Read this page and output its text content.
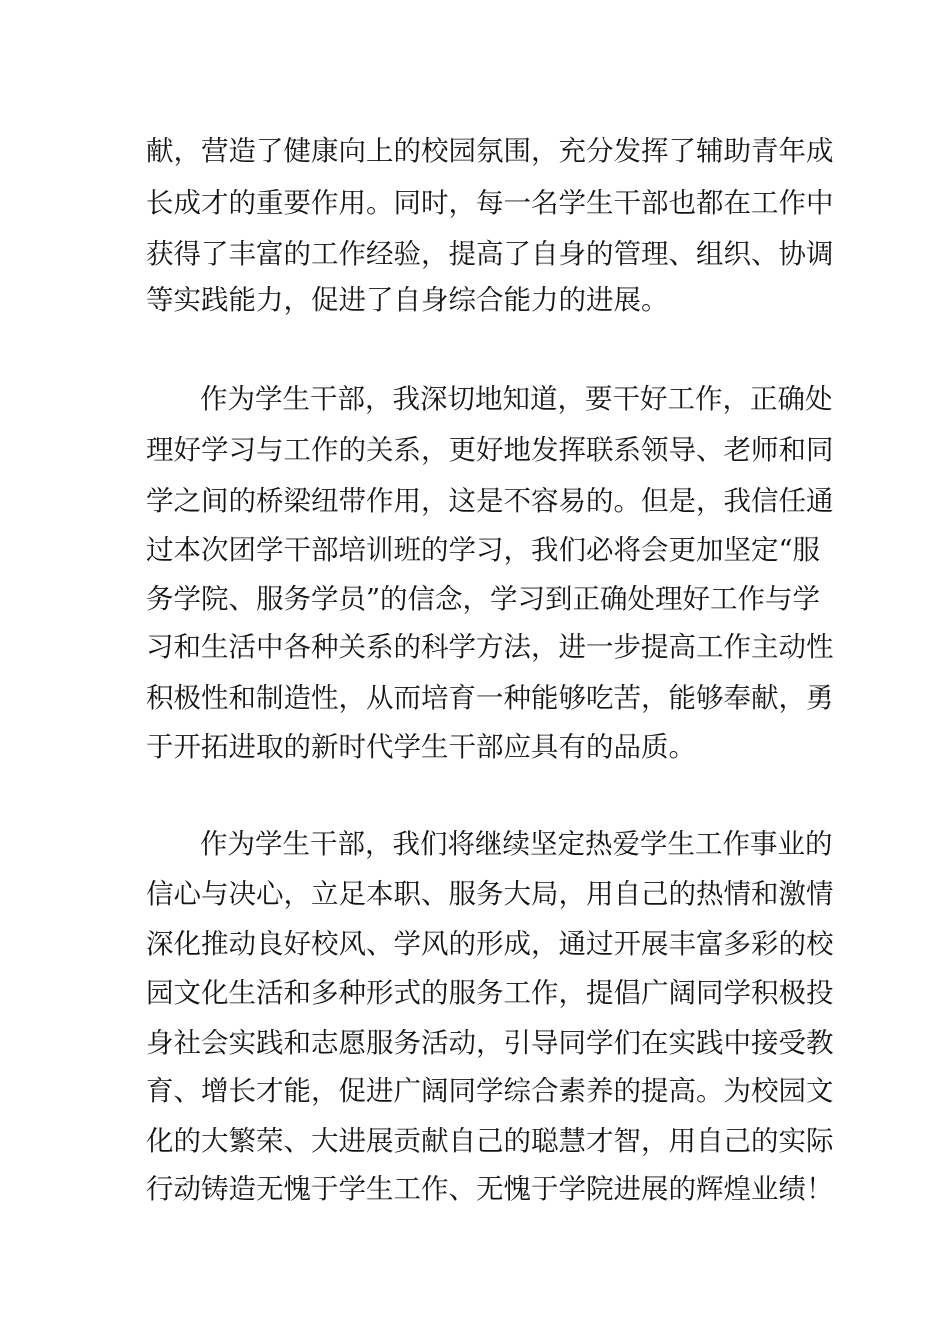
献，营造了健康向上的校园氛围，充分发挥了辅助青年成
长成才的重要作用。同时，每一名学生干部也都在工作中
获得了丰富的工作经验，提高了自身的管理、组织、协调
等实践能力，促进了自身综合能力的进展。
作为学生干部，我深切地知道，要干好工作，正确处
理好学习与工作的关系，更好地发挥联系领导、老师和同
学之间的桥梁纽带作用，这是不容易的。但是，我信任通
过本次团学干部培训班的学习，我们必将会更加坚定“服
务学院、服务学员”的信念，学习到正确处理好工作与学
习和生活中各种关系的科学方法，进一步提高工作主动性
积极性和制造性，从而培育一种能够吃苦，能够奉献，勇
于开拓进取的新时代学生干部应具有的品质。
作为学生干部，我们将继续坚定热爱学生工作事业的
信心与决心，立足本职、服务大局，用自己的热情和激情
深化推动良好校风、学风的形成，通过开展丰富多彩的校
园文化生活和多种形式的服务工作，提倡广阔同学积极投
身社会实践和志愿服务活动，引导同学们在实践中接受教
育、增长才能，促进广阔同学综合素养的提高。为校园文
化的大繁荣、大进展贡献自己的聪慧才智，用自己的实际
行动铸造无愧于学生工作、无愧于学院进展的辉煌业绩！
